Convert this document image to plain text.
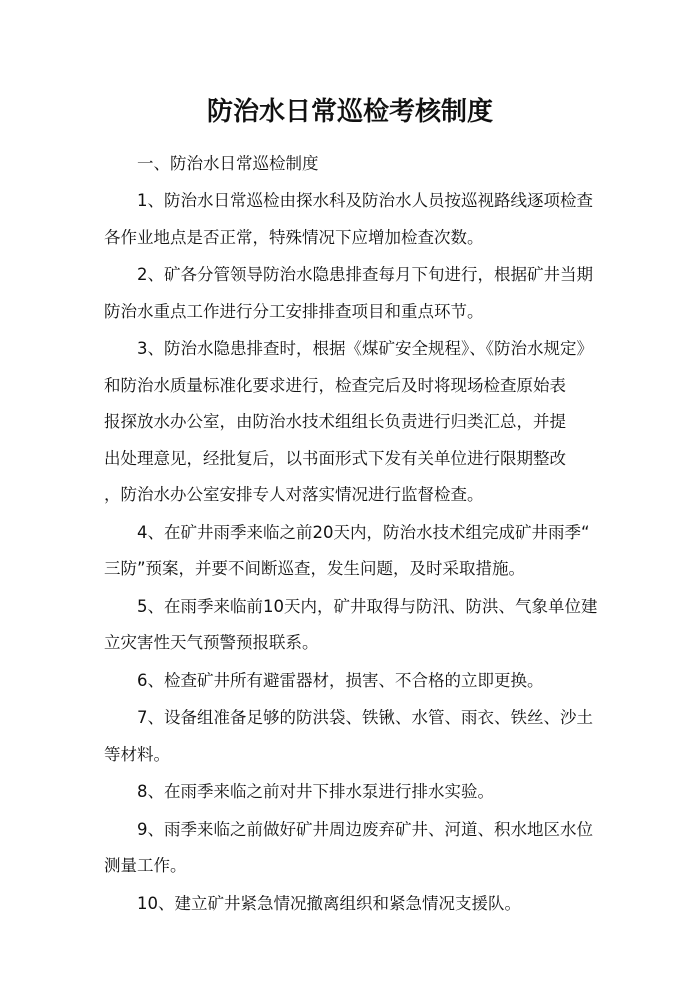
防治水日常巡检考核制度

一、防治水日常巡检制度

1、防治水日常巡检由探水科及防治水人员按巡视路线逐项检查
各作业地点是否正常，特殊情况下应增加检查次数。

2、矿各分管领导防治水隐患排查每月下旬进行，根据矿井当期
防治水重点工作进行分工安排排查项目和重点环节。

3、防治水隐患排查时，根据《煤矿安全规程》、《防治水规定》
和防治水质量标准化要求进行，检查完后及时将现场检查原始表
报探放水办公室，由防治水技术组组长负责进行归类汇总，并提
出处理意见，经批复后，以书面形式下发有关单位进行限期整改
，防治水办公室安排专人对落实情况进行监督检查。

4、在矿井雨季来临之前20天内，防治水技术组完成矿井雨季“
三防”预案，并要不间断巡查，发生问题，及时采取措施。

5、在雨季来临前10天内，矿井取得与防汛、防洪、气象单位建
立灾害性天气预警预报联系。

6、检查矿井所有避雷器材，损害、不合格的立即更换。

7、设备组准备足够的防洪袋、铁锹、水管、雨衣、铁丝、沙土
等材料。

8、在雨季来临之前对井下排水泵进行排水实验。

9、雨季来临之前做好矿井周边废弃矿井、河道、积水地区水位
测量工作。

10、建立矿井紧急情况撤离组织和紧急情况支援队。
